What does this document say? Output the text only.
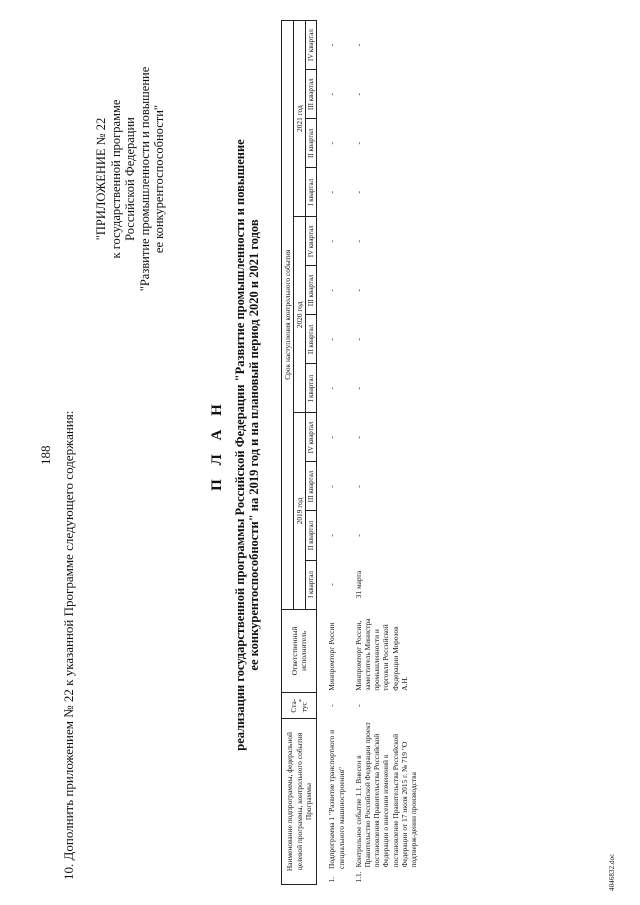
188 10. Дополнить приложением № 22 к указанной Программе следующего содержания:
"ПРИЛОЖЕНИЕ № 22 к государственной программе Российской Федерации "Развитие промышленности и повышение ее конкурентоспособности"
П Л А Н реализации государственной программы Российской Федерации "Развитие промышленности и повышение ее конкурентоспособности" на 2019 год и на плановый период 2020 и 2021 годов
Наименование подпрограммы, федеральной целевой программы, контрольного события Программы	Ста-тус*	Ответственный исполнитель	Срок наступления контрольного события											
			2019 год				2020 год				2021 год			
			I квартал	II квартал	III квартал	IV квартал	I квартал	II квартал	III квартал	IV квартал	I квартал	II квартал	III квартал	IV квартал

1.
Подпрограмма 1 "Развитие транспортного и специального машиностроения"	-	Минпромторг России	-	-	-	-	-	-	-	-	-	-	-	-

1.1.
Контрольное событие 1.1. Внесен в Правительство Российской Федерации проект постановления Правительства Российской Федерации о внесении изменений в постановление Правительства Российской Федерации от 17 июля 2015 г. № 719 "О подтверж-дении производства	-	Минпромторг России, заместитель Министра промышленности и торговли Российской Федерации Морозов А.Н.	31 марта	-	-	-	-	-	-	-	-	-	-	-
4046832.doc
